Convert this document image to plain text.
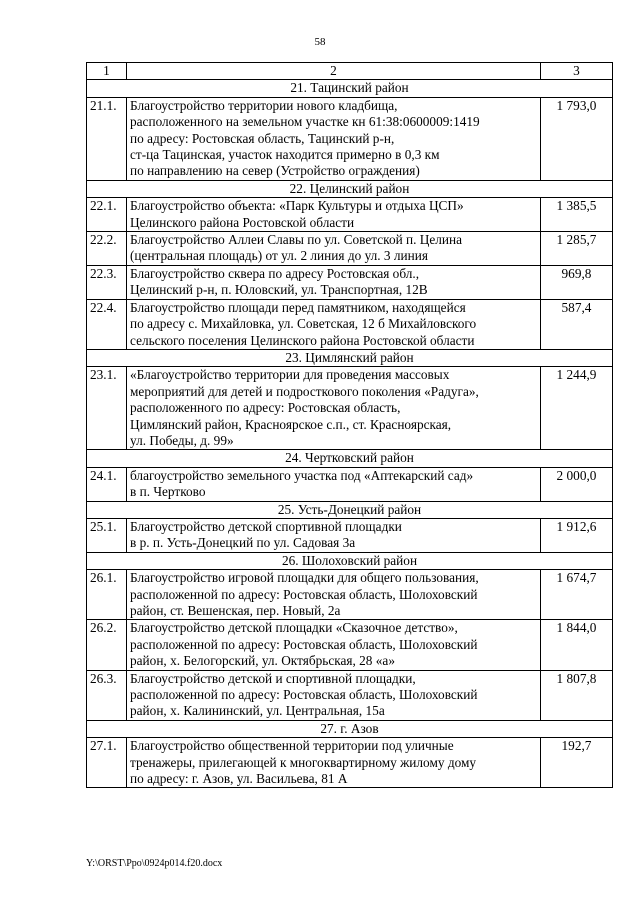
58
1	2	3
21. Тацинский район		
21.1.	Благоустройство территории нового кладбища,
расположенного на земельном участке кн 61:38:0600009:1419
по адресу: Ростовская область, Тацинский р-н,
ст-ца Тацинская, участок находится примерно в 0,3 км
по направлению на север (Устройство ограждения)	1 793,0
22. Целинский район		
22.1.	Благоустройство объекта: «Парк Культуры и отдыха ЦСП»
Целинского района Ростовской области	1 385,5
22.2.	Благоустройство Аллеи Славы по ул. Советской п. Целина
(центральная площадь) от ул. 2 линия до ул. 3 линия	1 285,7
22.3.	Благоустройство сквера по адресу Ростовская обл.,
Целинский р-н, п. Юловский, ул. Транспортная, 12В	969,8
22.4.	Благоустройство площади перед памятником, находящейся
по адресу с. Михайловка, ул. Советская, 12 б Михайловского
сельского поселения Целинского района Ростовской области	587,4
23. Цимлянский район		
23.1.	«Благоустройство территории для проведения массовых
мероприятий для детей и подросткового поколения «Радуга»,
расположенного по адресу: Ростовская область,
Цимлянский район, Красноярское с.п., ст. Красноярская,
ул. Победы, д. 99»	1 244,9
24. Чертковский район		
24.1.	благоустройство земельного участка под «Аптекарский сад»
в п. Чертково	2 000,0
25. Усть-Донецкий район		
25.1.	Благоустройство детской спортивной площадки
в р. п. Усть-Донецкий по ул. Садовая 3а	1 912,6
26. Шолоховский район		
26.1.	Благоустройство игровой площадки для общего пользования,
расположенной по адресу: Ростовская область, Шолоховский
район, ст. Вешенская, пер. Новый, 2а	1 674,7
26.2.	Благоустройство детской площадки «Сказочное детство»,
расположенной по адресу: Ростовская область, Шолоховский
район, х. Белогорский, ул. Октябрьская, 28 «а»	1 844,0
26.3.	Благоустройство детской и спортивной площадки,
расположенной по адресу: Ростовская область, Шолоховский
район, х. Калининский, ул. Центральная, 15а	1 807,8
27. г. Азов		
27.1.	Благоустройство общественной территории под уличные
тренажеры, прилегающей к многоквартирному жилому дому
по адресу: г. Азов, ул. Васильева, 81 А	192,7
Y:\ORST\Ppo\0924p014.f20.docx
